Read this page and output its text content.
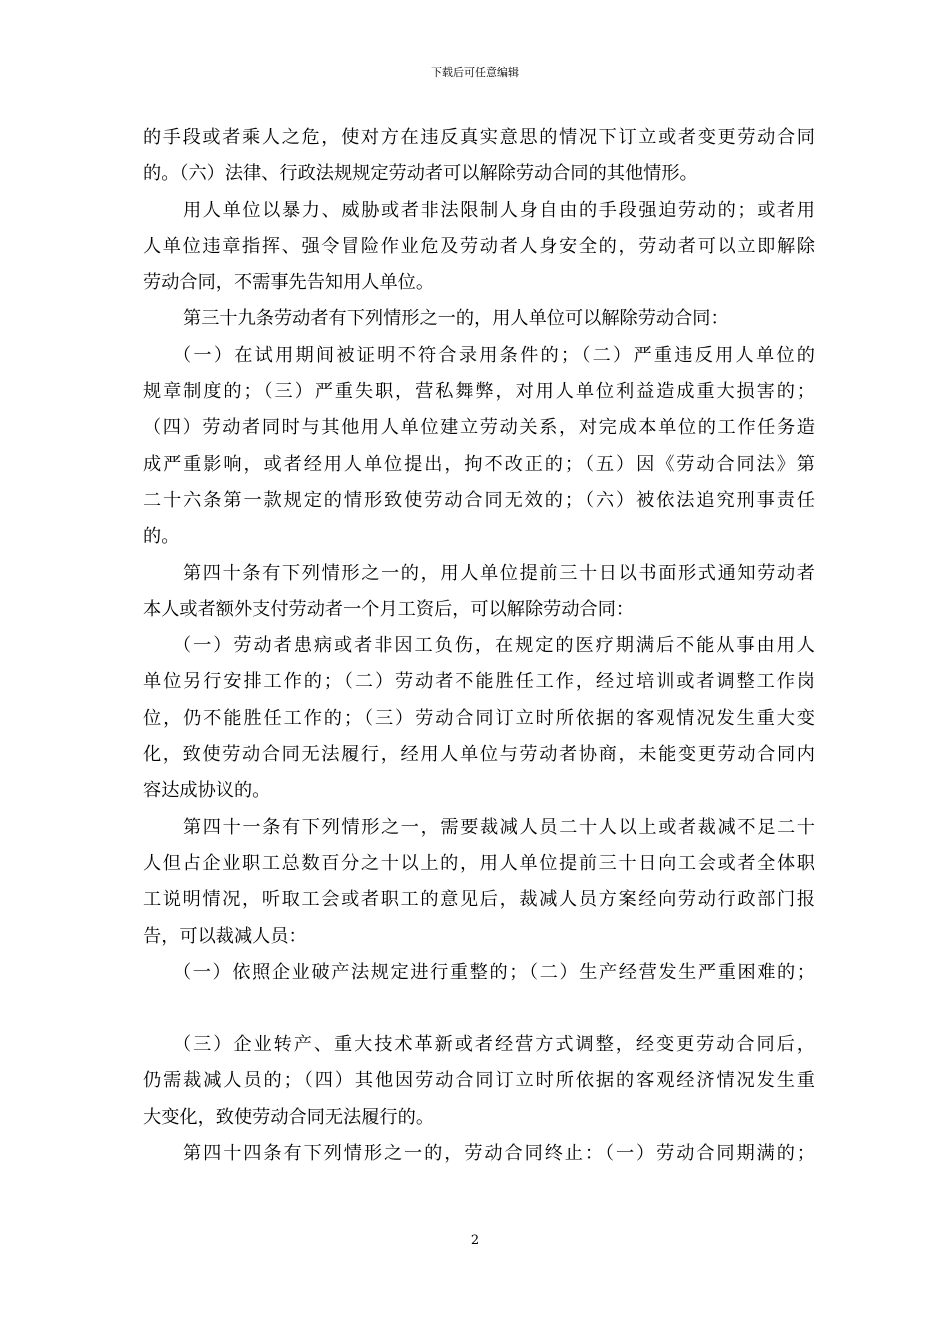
下载后可任意编辑

的手段或者乘人之危，使对方在违反真实意思的情况下订立或者变更劳动合同

的。（六）法律、行政法规规定劳动者可以解除劳动合同的其他情形。

用人单位以暴力、威胁或者非法限制人身自由的手段强迫劳动的；或者用

人单位违章指挥、强令冒险作业危及劳动者人身安全的，劳动者可以立即解除

劳动合同，不需事先告知用人单位。

第三十九条劳动者有下列情形之一的，用人单位可以解除劳动合同：

（一）在试用期间被证明不符合录用条件的；（二）严重违反用人单位的

规章制度的；（三）严重失职，营私舞弊，对用人单位利益造成重大损害的；

（四）劳动者同时与其他用人单位建立劳动关系，对完成本单位的工作任务造

成严重影响，或者经用人单位提出，拘不改正的；（五）因《劳动合同法》第

二十六条第一款规定的情形致使劳动合同无效的；（六）被依法追究刑事责任

的。

第四十条有下列情形之一的，用人单位提前三十日以书面形式通知劳动者

本人或者额外支付劳动者一个月工资后，可以解除劳动合同：

（一）劳动者患病或者非因工负伤，在规定的医疗期满后不能从事由用人

单位另行安排工作的；（二）劳动者不能胜任工作，经过培训或者调整工作岗

位，仍不能胜任工作的；（三）劳动合同订立时所依据的客观情况发生重大变

化，致使劳动合同无法履行，经用人单位与劳动者协商，未能变更劳动合同内

容达成协议的。

第四十一条有下列情形之一，需要裁减人员二十人以上或者裁减不足二十

人但占企业职工总数百分之十以上的，用人单位提前三十日向工会或者全体职

工说明情况，听取工会或者职工的意见后，裁减人员方案经向劳动行政部门报

告，可以裁减人员：

（一）依照企业破产法规定进行重整的；（二）生产经营发生严重困难的；

（三）企业转产、重大技术革新或者经营方式调整，经变更劳动合同后，

仍需裁减人员的；（四）其他因劳动合同订立时所依据的客观经济情况发生重

大变化，致使劳动合同无法履行的。

第四十四条有下列情形之一的，劳动合同终止：（一）劳动合同期满的；

2
